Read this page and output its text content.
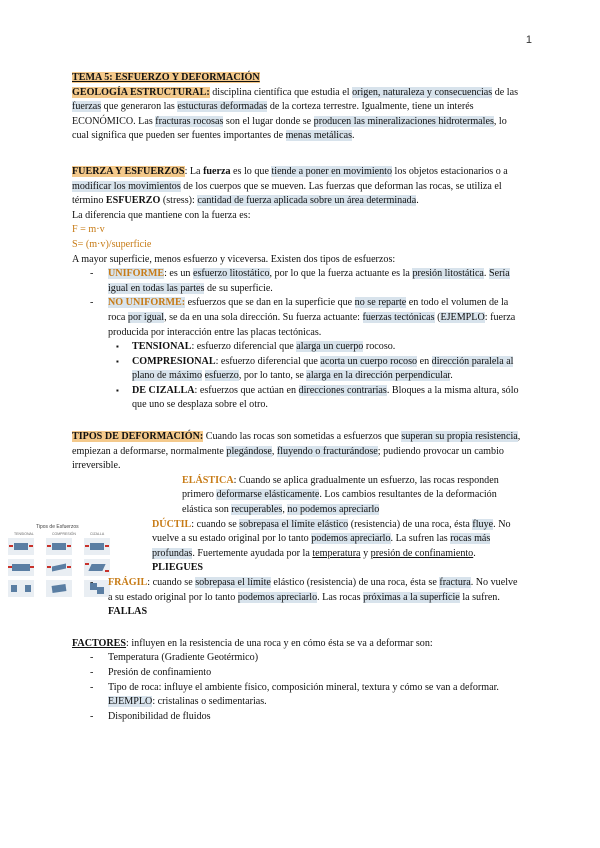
1
Tipos de Esfuerzos
TENSIONAL	COMPRESIÓN	CIZALLA

TEMA 5: ESFUERZO Y DEFORMACIÓN

GEOLOGÍA ESTRUCTURAL: disciplina científica que estudia el origen, naturaleza y consecuencias de las fuerzas que generaron las estucturas deformadas de la corteza terrestre. Igualmente, tiene un interés ECONÓMICO. Las fracturas rocosas son el lugar donde se producen las mineralizaciones hidrotermales, lo cual significa que pueden ser fuentes importantes de menas metálicas.

FUERZA Y ESFUERZOS: La fuerza es lo que tiende a poner en movimiento los objetos estacionarios o a modificar los movimientos de los cuerpos que se mueven. Las fuerzas que deforman las rocas, se utiliza el término ESFUERZO (stress): cantidad de fuerza aplicada sobre un área determinada.

La diferencia que mantiene con la fuerza es:

F = m·v

S= (m·v)/superficie

A mayor superficie, menos esfuerzo y viceversa. Existen dos tipos de esfuerzos:

- UNIFORME: es un esfuerzo litostático, por lo que la fuerza actuante es la presión litostática. Sería igual en todas las partes de su superficie.
- NO UNIFORME: esfuerzos que se dan en la superficie que no se reparte en todo el volumen de la roca por igual, se da en una sola dirección. Su fuerza actuante: fuerzas tectónicas (EJEMPLO: fuerza producida por interacción entre las placas tectónicas.
▪ TENSIONAL: esfuerzo diferencial que alarga un cuerpo rocoso.
▪ COMPRESIONAL: esfuerzo diferencial que acorta un cuerpo rocoso en dirección paralela al plano de máximo esfuerzo, por lo tanto, se alarga en la dirección perpendicular.
▪ DE CIZALLA: esfuerzos que actúan en direcciones contrarias. Bloques a la misma altura, sólo que uno se desplaza sobre el otro.

TIPOS DE DEFORMACIÓN: Cuando las rocas son sometidas a esfuerzos que superan su propia resistencia, empiezan a deformarse, normalmente plegándose, fluyendo o fracturándose; pudiendo provocar un cambio irreversible.

ELÁSTICA: Cuando se aplica gradualmente un esfuerzo, las rocas responden primero deformarse elásticamente. Los cambios resultantes de la deformación elástica son recuperables, no podemos apreciarlo

DÚCTIL: cuando se sobrepasa el límite elástico (resistencia) de una roca, ésta fluye. No vuelve a su estado original por lo tanto podemos apreciarlo. La sufren las rocas más profundas. Fuertemente ayudada por la temperatura y presión de confinamiento. PLIEGUES

- FRÁGIL: cuando se sobrepasa el límite elástico (resistencia) de una roca, ésta se fractura. No vuelve a su estado original por lo tanto podemos apreciarlo. Las rocas próximas a la superficie la sufren. FALLAS

FACTORES: influyen en la resistencia de una roca y en cómo ésta se va a deformar son:

- Temperatura (Gradiente Geotérmico)
- Presión de confinamiento
- Tipo de roca: influye el ambiente físico, composición mineral, textura y cómo se van a deformar. EJEMPLO: cristalinas o sedimentarias.
- Disponibilidad de fluidos
